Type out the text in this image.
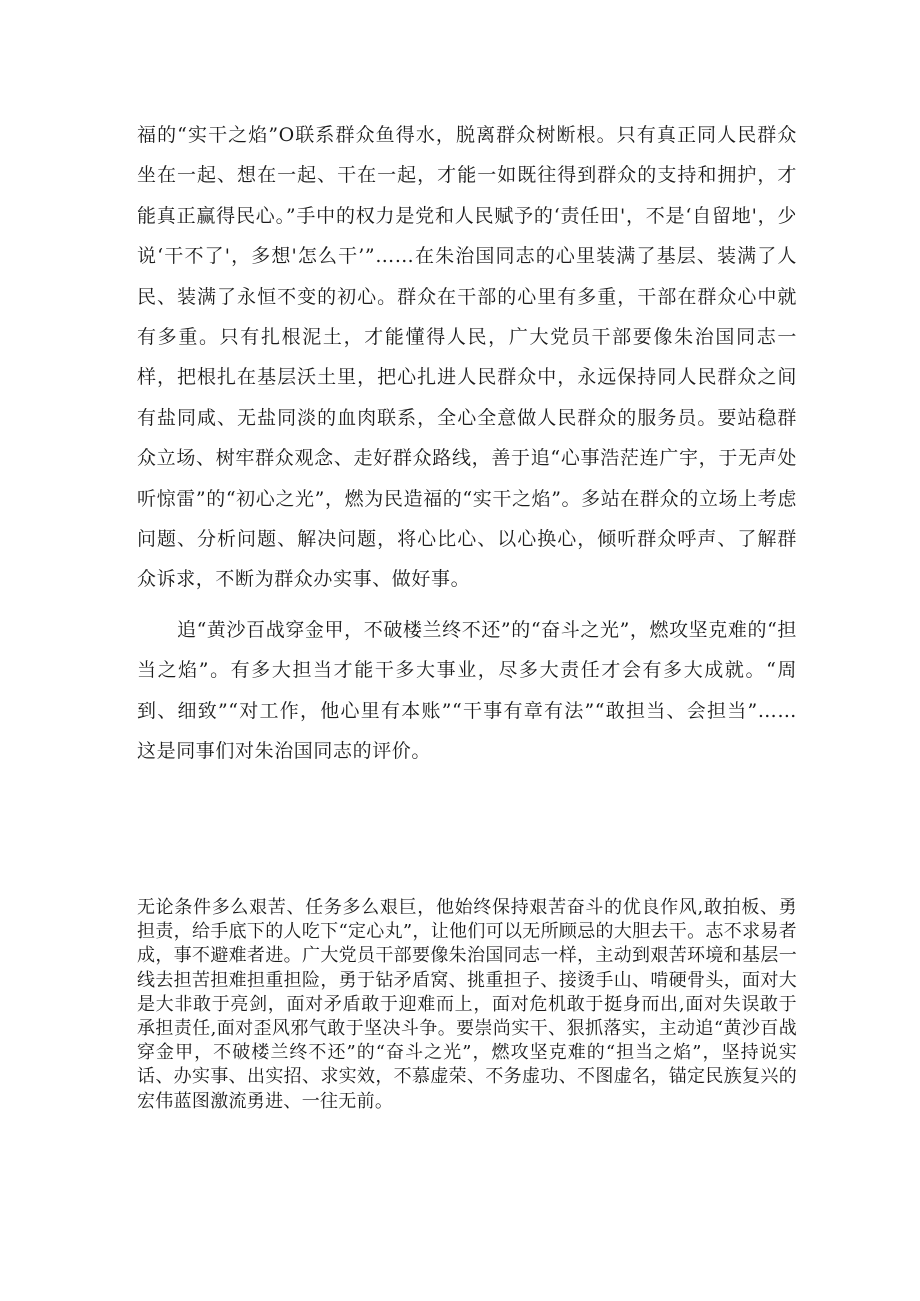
福的“实干之焰”O联系群众鱼得水，脱离群众树断根。只有真正同人民群众坐在一起、想在一起、干在一起，才能一如既往得到群众的支持和拥护，才能真正赢得民心。”手中的权力是党和人民赋予的‘责任田'，不是‘自留地'，少说‘干不了'，多想'怎么干’”……在朱治国同志的心里装满了基层、装满了人民、装满了永恒不变的初心。群众在干部的心里有多重，干部在群众心中就有多重。只有扎根泥土，才能懂得人民，广大党员干部要像朱治国同志一样，把根扎在基层沃土里，把心扎进人民群众中，永远保持同人民群众之间有盐同咸、无盐同淡的血肉联系，全心全意做人民群众的服务员。要站稳群众立场、树牢群众观念、走好群众路线，善于追“心事浩茫连广宇，于无声处听惊雷”的“初心之光”，燃为民造福的“实干之焰”。多站在群众的立场上考虑问题、分析问题、解决问题，将心比心、以心换心，倾听群众呼声、了解群众诉求，不断为群众办实事、做好事。

追“黄沙百战穿金甲，不破楼兰终不还”的“奋斗之光”，燃攻坚克难的“担当之焰”。有多大担当才能干多大事业，尽多大责任才会有多大成就。“周到、细致”“对工作，他心里有本账”“干事有章有法”“敢担当、会担当”……这是同事们对朱治国同志的评价。

无论条件多么艰苦、任务多么艰巨，他始终保持艰苦奋斗的优良作风,敢拍板、勇担责，给手底下的人吃下“定心丸”，让他们可以无所顾忌的大胆去干。志不求易者成，事不避难者进。广大党员干部要像朱治国同志一样，主动到艰苦环境和基层一线去担苦担难担重担险，勇于钻矛盾窝、挑重担子、接烫手山、啃硬骨头，面对大是大非敢于亮剑，面对矛盾敢于迎难而上，面对危机敢于挺身而出,面对失误敢于承担责任,面对歪风邪气敢于坚决斗争。要崇尚实干、狠抓落实，主动追“黄沙百战穿金甲，不破楼兰终不还”的“奋斗之光”，燃攻坚克难的“担当之焰”，坚持说实话、办实事、出实招、求实效，不慕虚荣、不务虚功、不图虚名，锚定民族复兴的宏伟蓝图激流勇进、一往无前。
